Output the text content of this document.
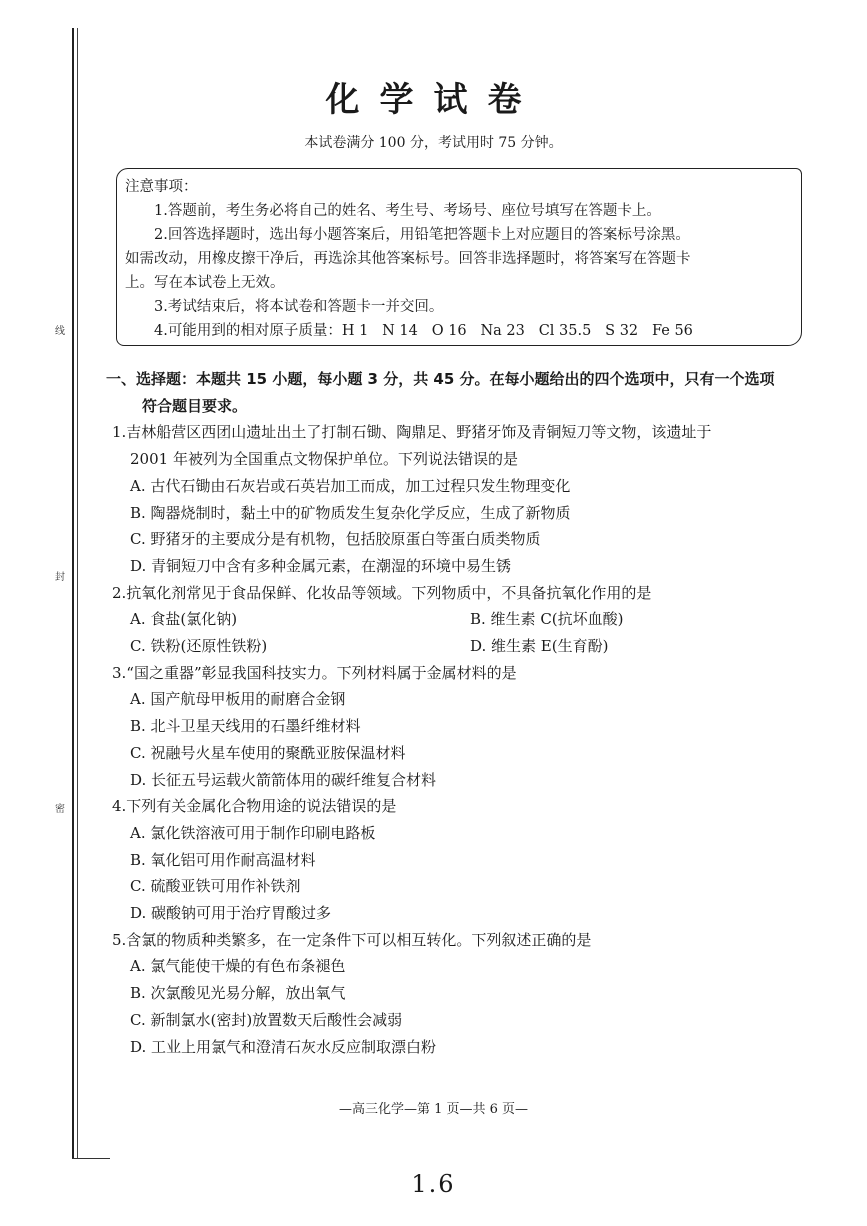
线
封
密
化学试卷
本试卷满分 100 分，考试用时 75 分钟。

注意事项：

1.答题前，考生务必将自己的姓名、考生号、考场号、座位号填写在答题卡上。

2.回答选择题时，选出每小题答案后，用铅笔把答题卡上对应题目的答案标号涂黑。

如需改动，用橡皮擦干净后，再选涂其他答案标号。回答非选择题时，将答案写在答题卡

上。写在本试卷上无效。

3.考试结束后，将本试卷和答题卡一并交回。

4.可能用到的相对原子质量：H 1   N 14   O 16   Na 23   Cl 35.5   S 32   Fe 56

一、选择题：本题共 15 小题，每小题 3 分，共 45 分。在每小题给出的四个选项中，只有一个选项

符合题目要求。

1.吉林船营区西团山遗址出土了打制石锄、陶鼎足、野猪牙饰及青铜短刀等文物，该遗址于

2001 年被列为全国重点文物保护单位。下列说法错误的是

A. 古代石锄由石灰岩或石英岩加工而成，加工过程只发生物理变化

B. 陶器烧制时，黏土中的矿物质发生复杂化学反应，生成了新物质

C. 野猪牙的主要成分是有机物，包括胶原蛋白等蛋白质类物质

D. 青铜短刀中含有多种金属元素，在潮湿的环境中易生锈

2.抗氧化剂常见于食品保鲜、化妆品等领域。下列物质中，不具备抗氧化作用的是

A. 食盐(氯化钠)	B. 维生素 C(抗坏血酸)
C. 铁粉(还原性铁粉)	D. 维生素 E(生育酚)

3.“国之重器”彰显我国科技实力。下列材料属于金属材料的是

A. 国产航母甲板用的耐磨合金钢

B. 北斗卫星天线用的石墨纤维材料

C. 祝融号火星车使用的聚酰亚胺保温材料

D. 长征五号运载火箭箭体用的碳纤维复合材料

4.下列有关金属化合物用途的说法错误的是

A. 氯化铁溶液可用于制作印刷电路板

B. 氧化铝可用作耐高温材料

C. 硫酸亚铁可用作补铁剂

D. 碳酸钠可用于治疗胃酸过多

5.含氯的物质种类繁多，在一定条件下可以相互转化。下列叙述正确的是

A. 氯气能使干燥的有色布条褪色

B. 次氯酸见光易分解，放出氧气

C. 新制氯水(密封)放置数天后酸性会减弱

D. 工业上用氯气和澄清石灰水反应制取漂白粉

—高三化学—第 1 页—共 6 页—
1.6
